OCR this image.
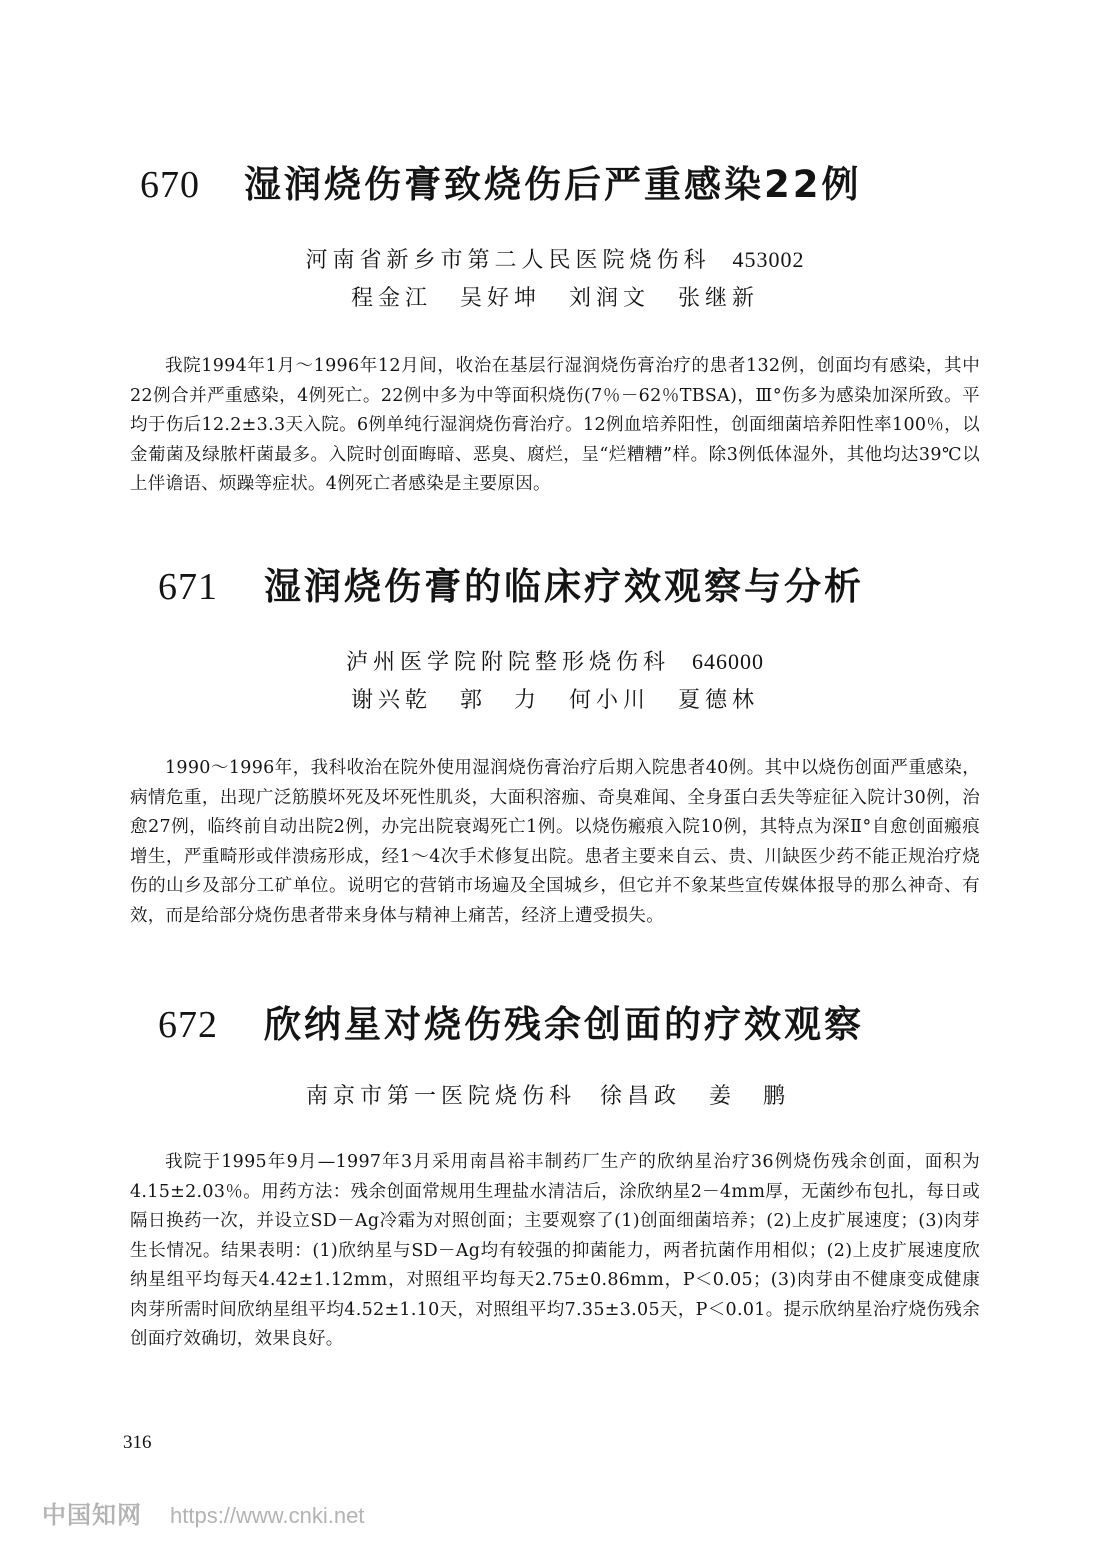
670 湿润烧伤膏致烧伤后严重感染22例
河南省新乡市第二人民医院烧伤科 453002
程金江 吴好坤 刘润文 张继新

我院1994年1月～1996年12月间，收治在基层行湿润烧伤膏治疗的患者132例，创面均有感染，其中22例合并严重感染，4例死亡。22例中多为中等面积烧伤(7％－62％TBSA)，Ⅲ°伤多为感染加深所致。平均于伤后12.2±3.3天入院。6例单纯行湿润烧伤膏治疗。12例血培养阳性，创面细菌培养阳性率100％，以金葡菌及绿脓杆菌最多。入院时创面晦暗、恶臭、腐烂，呈“烂糟糟”样。除3例低体湿外，其他均达39℃以上伴谵语、烦躁等症状。4例死亡者感染是主要原因。

671 湿润烧伤膏的临床疗效观察与分析
泸州医学院附院整形烧伤科 646000
谢兴乾 郭　力 何小川 夏德林

1990～1996年，我科收治在院外使用湿润烧伤膏治疗后期入院患者40例。其中以烧伤创面严重感染，病情危重，出现广泛筋膜坏死及坏死性肌炎，大面积溶痂、奇臭难闻、全身蛋白丢失等症征入院计30例，治愈27例，临终前自动出院2例，办完出院衰竭死亡1例。以烧伤瘢痕入院10例，其特点为深Ⅱ°自愈创面瘢痕增生，严重畸形或伴溃疡形成，经1～4次手术修复出院。患者主要来自云、贵、川缺医少药不能正规治疗烧伤的山乡及部分工矿单位。说明它的营销市场遍及全国城乡，但它并不象某些宣传媒体报导的那么神奇、有效，而是给部分烧伤患者带来身体与精神上痛苦，经济上遭受损失。

672 欣纳星对烧伤残余创面的疗效观察
南京市第一医院烧伤科 徐昌政 姜　鹏

我院于1995年9月—1997年3月采用南昌裕丰制药厂生产的欣纳星治疗36例烧伤残余创面，面积为4.15±2.03％。用药方法：残余创面常规用生理盐水清洁后，涂欣纳星2－4mm厚，无菌纱布包扎，每日或隔日换药一次，并设立SD－Ag冷霜为对照创面；主要观察了(1)创面细菌培养；(2)上皮扩展速度；(3)肉芽生长情况。结果表明：(1)欣纳星与SD－Ag均有较强的抑菌能力，两者抗菌作用相似；(2)上皮扩展速度欣纳星组平均每天4.42±1.12mm，对照组平均每天2.75±0.86mm，P＜0.05；(3)肉芽由不健康变成健康肉芽所需时间欣纳星组平均4.52±1.10天，对照组平均7.35±3.05天，P＜0.01。提示欣纳星治疗烧伤残余创面疗效确切，效果良好。

316
中国知网 https://www.cnki.net
